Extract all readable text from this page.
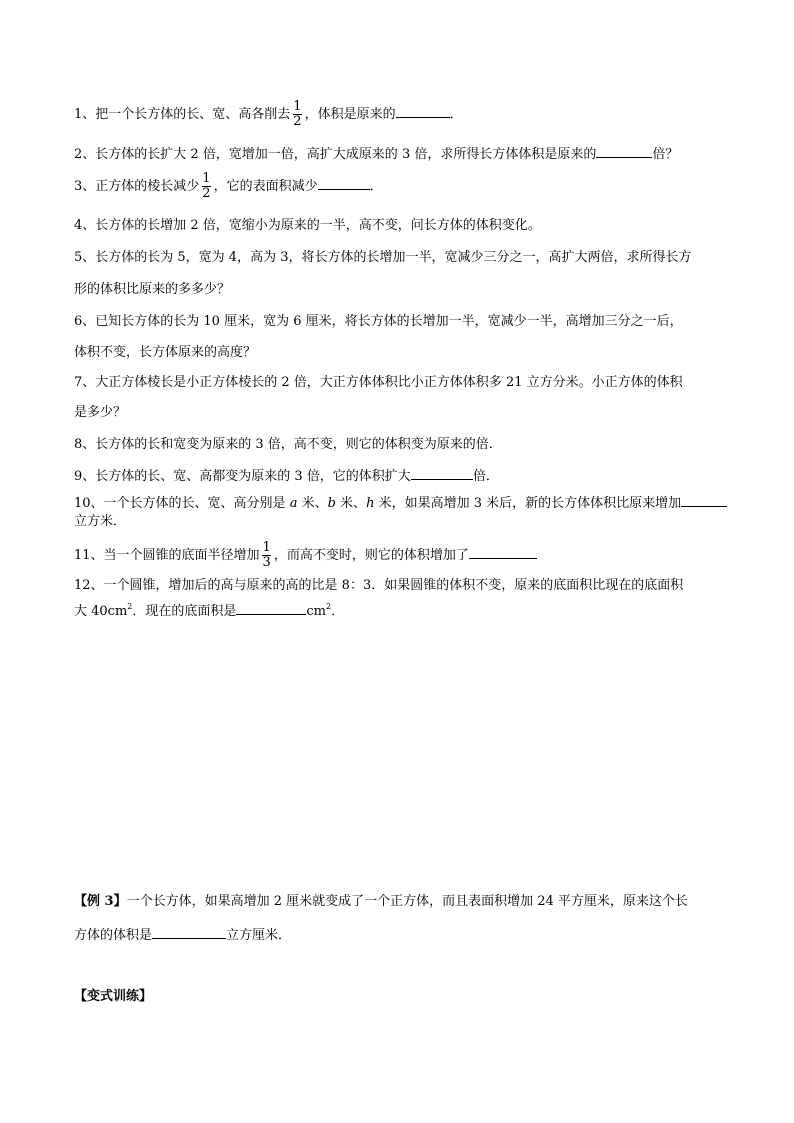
1、把一个长方体的长、宽、高各削去 $\frac{1}{2}$ ，体积是原来的	．
2、长方体的长扩大 2 倍，宽增加一倍，高扩大成原来的 3 倍，求所得长方体体积是原来的	倍？
3、正方体的棱长减少 $\frac{1}{2}$ ，它的表面积减少	．
4、长方体的长增加 2 倍，宽缩小为原来的一半，高不变，问长方体的体积变化。
5、长方体的长为 5，宽为 4，高为 3，将长方体的长增加一半，宽减少三分之一，高扩大两倍，求所得长方
形的体积比原来的多多少？
6、已知长方体的长为 10 厘米，宽为 6 厘米，将长方体的长增加一半，宽减少一半，高增加三分之一后，
体积不变，长方体原来的高度？
7、大正方体棱长是小正方体棱长的 2 倍，大正方体体积比小正方体体积多 21 立方分米。小正方体的体积
是多少？
8、长方体的长和宽变为原来的 3 倍，高不变，则它的体积变为原来的倍．
9、长方体的长、宽、高都变为原来的 3 倍，它的体积扩大	倍．
10、一个长方体的长、宽、高分别是 a 米、b 米、h 米，如果高增加 3 米后，新的长方体体积比原来增加
立方米．
11、当一个圆锥的底面半径增加 $\frac{1}{3}$ ，而高不变时，则它的体积增加了
12、一个圆锥，增加后的高与原来的高的比是 8：3．如果圆锥的体积不变，原来的底面积比现在的底面积
大 $40cm^2$．现在的底面积是	$cm^2$．
【例 3】一个长方体，如果高增加 2 厘米就变成了一个正方体，而且表面积增加 24 平方厘米，原来这个长
方体的体积是	立方厘米．
【变式训练】
